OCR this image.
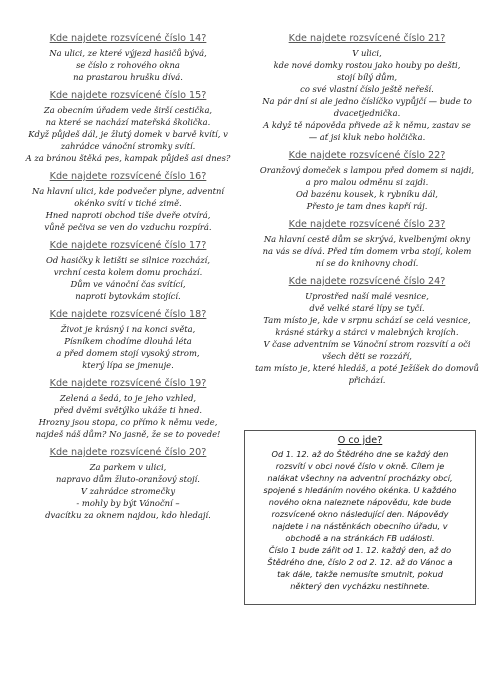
Kde najdete rozsvícené číslo 14?
Na ulici, ze které výjezd hasičů bývá,
se číslo z rohového okna
na prastarou hrušku dívá.
Kde najdete rozsvícené číslo 15?
Za obecním úřadem vede širší cestička,
na které se nachází mateřská školička.
Když půjdeš dál, je žlutý domek v barvě kvítí, v
zahrádce vánoční stromky svítí.
A za bránou štěká pes, kampak půjdeš asi dnes?
Kde najdete rozsvícené číslo 16?
Na hlavní ulici, kde podvečer plyne, adventní
okénko svítí v tiché zimě.
Hned naproti obchod tiše dveře otvírá,
vůně pečiva se ven do vzduchu rozpírá.
Kde najdete rozsvícené číslo 17?
Od hasičky k letišti se silnice rozchází,
vrchní cesta kolem domu prochází.
Dům ve vánoční čas svítící,
naproti bytovkám stojící.
Kde najdete rozsvícené číslo 18?
Život je krásný i na konci světa,
Písníkem chodíme dlouhá léta
a před domem stojí vysoký strom,
který lípa se jmenuje.
Kde najdete rozsvícené číslo 19?
Zelená a šedá, to je jeho vzhled,
před dvěmi světýlko ukáže ti hned.
Hrozny jsou stopa, co přímo k němu vede,
najdeš náš dům? No jasně, že se to povede!
Kde najdete rozsvícené číslo 20?
Za parkem v ulici,
napravo dům žluto-oranžový stojí.
V zahrádce stromečky
- mohly by být Vánoční –
dvacítku za oknem najdou, kdo hledají.
Kde najdete rozsvícené číslo 21?
V ulici,
kde nové domky rostou jako houby po dešti,
stojí bílý dům,
co své vlastní číslo ještě neřeší.
Na pár dní si ale jedno číslíčko vypůjčí — bude to
dvacetjednička.
A když tě nápověda přivede až k němu, zastav se
— ať jsi kluk nebo holčička.
Kde najdete rozsvícené číslo 22?
Oranžový domeček s lampou před domem si najdi,
a pro malou odměnu si zajdi.
Od bazénu kousek, k rybníku dál,
Přesto je tam dnes kapří ráj.
Kde najdete rozsvícené číslo 23?
Na hlavní cestě dům se skrývá, kvelbenými okny
na vás se dívá. Před tím domem vrba stojí, kolem
ní se do knihovny chodí.
Kde najdete rozsvícené číslo 24?
Uprostřed naší malé vesnice,
dvě velké staré lípy se tyčí.
Tam místo je, kde v srpnu schází se celá vesnice,
krásné stárky a stárci v malebných krojích.
V čase adventním se Vánoční strom rozsvítí a oči
všech děti se rozzáří,
tam místo je, které hledáš, a poté Ježíšek do domovů
přichází.
O co jde?
Od 1. 12. až do Štědrého dne se každý den
rozsvítí v obci nové číslo v okně. Cílem je
nalákat všechny na adventní procházky obcí,
spojené s hledáním nového okénka. U každého
nového okna naleznete nápovědu, kde bude
rozsvícené okno následující den. Nápovědy
najdete i na nástěnkách obecního úřadu, v
obchodě a na stránkách FB události.
Číslo 1 bude zářit od 1. 12. každý den, až do
Štědrého dne, číslo 2 od 2. 12. až do Vánoc a
tak dále, takže nemusíte smutnit, pokud
některý den vycházku nestihnete.
